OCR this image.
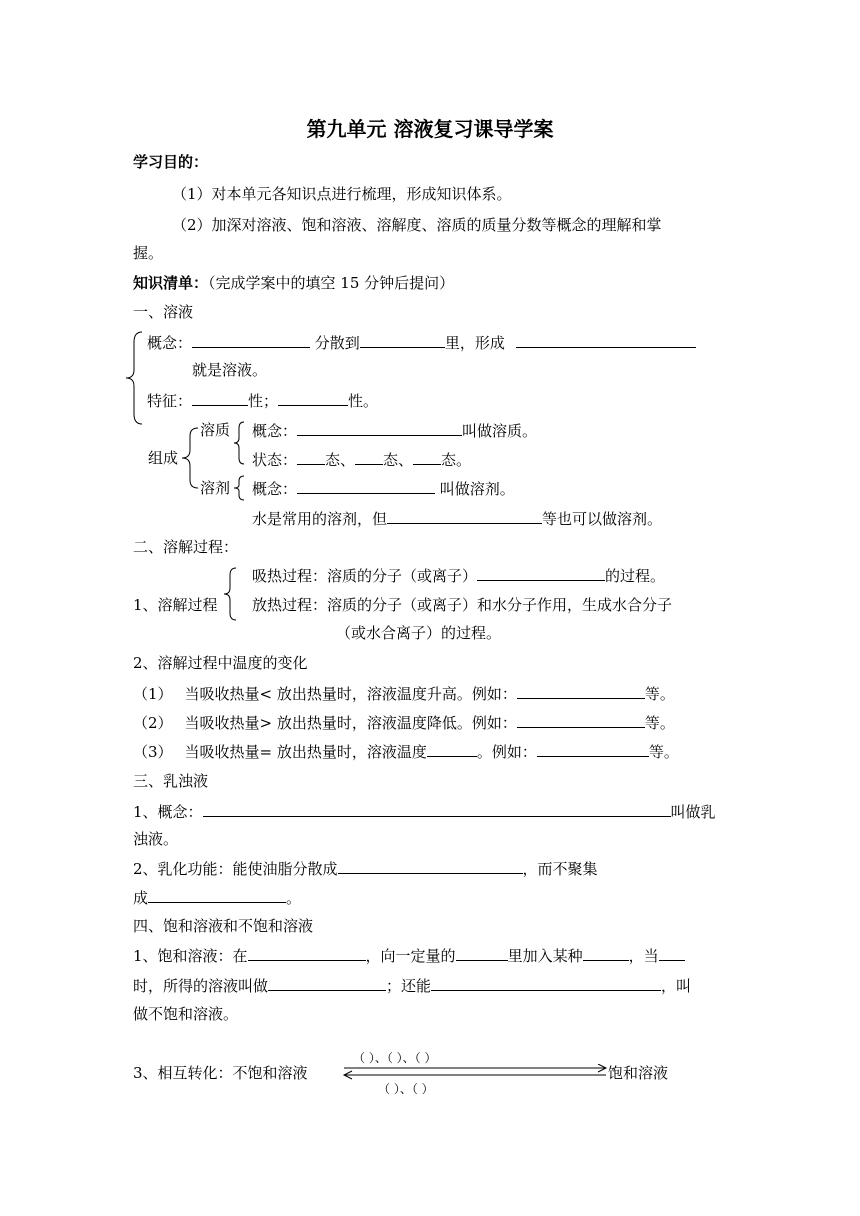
第九单元 溶液复习课导学案
学习目的：
（1）对本单元各知识点进行梳理，形成知识体系。
（2）加深对溶液、饱和溶液、溶解度、溶质的质量分数等概念的理解和掌
握。
知识清单：（完成学案中的填空 15 分钟后提问）
一、溶液
概念：	分散到	里，形成
就是溶液。
特征：	性；	性。
组成
溶质 概念：	叫做溶质。
状态： 态、 态、 态。
溶剂 概念：	叫做溶剂。
水是常用的溶剂，但	等也可以做溶剂。
二、溶解过程：
1、溶解过程
吸热过程：溶质的分子（或离子）	的过程。
放热过程：溶质的分子（或离子）和水分子作用，生成水合分子
（或水合离子）的过程。
2、溶解过程中温度的变化
（1） 当吸收热量< 放出热量时，溶液温度升高。例如：	等。
（2） 当吸收热量> 放出热量时，溶液温度降低。例如：	等。
（3） 当吸收热量= 放出热量时，溶液温度	。例如：	等。
三、乳浊液
1、概念：	叫做乳
浊液。
2、乳化功能：能使油脂分散成	，而不聚集
成	。
四、饱和溶液和不饱和溶液
1、饱和溶液：在	，向一定量的	里加入某种	，当
时，所得的溶液叫做	；还能	，叫
做不饱和溶液。
3、相互转化：不饱和溶液
（ ）、（ ）、（ ）
饱和溶液
（ ）、（ ）
